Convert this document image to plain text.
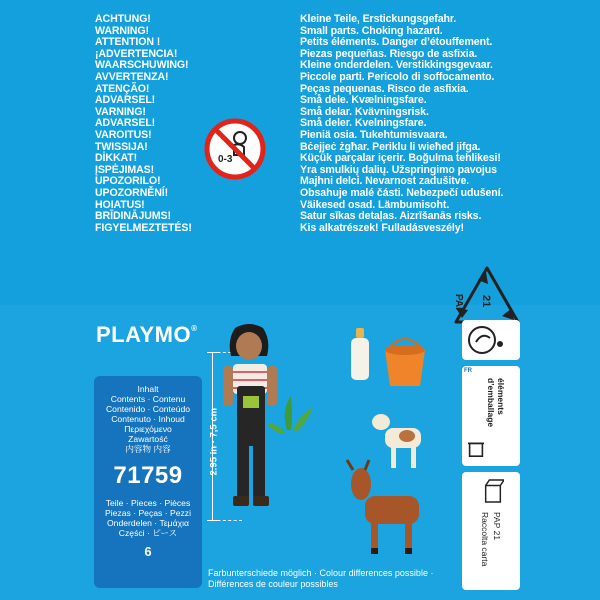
ACHTUNG!
WARNING!
ATTENTION !
¡ADVERTENCIA!
WAARSCHUWING!
AVVERTENZA!
ATENÇÃO!
ADVARSEL!
VARNING!
ADVARSEL!
VAROITUS!
TWISSIJA!
DİKKAT!
ĮSPĖJIMAS!
UPOZORILO!
UPOZORNĚNÍ!
HOIATUS!
BRĪDINĀJUMS!
FIGYELMEZTETÉS!
Kleine Teile, Erstickungsgefahr.
Small parts. Choking hazard.
Petits éléments. Danger d’étouffement.
Piezas pequeñas. Riesgo de asfixia.
Kleine onderdelen. Verstikkingsgevaar.
Piccole parti. Pericolo di soffocamento.
Peças pequenas. Risco de asfixia.
Små dele. Kvælningsfare.
Små delar. Kvävningsrisk.
Små deler. Kvelningsfare.
Pieniä osia. Tukehtumisvaara.
Bċejjeċ żgħar. Periklu li wieħed jifga.
Küçük parçalar içerir. Boğulma tehlikesi!
Yra smulkių dalių. Užspringimo pavojus
Majhni delci. Nevarnost zadušitve.
Obsahuje malé části. Nebezpečí udušení.
Väikesed osad. Lämbumisoht.
Satur sīkas detaļas. Aizrīšanās risks.
Kis alkatrészek! Fulladásveszély!
0-3
21
PAP
PLAYMO®
Inhalt
Contents · Contenu
Contenido · Conteúdo
Contenuto · Inhoud
Περιεχόμενο
Zawartość
内容物 内容
71759
Teile · Pieces · Pièces
Piezas · Peças · Pezzi
Onderdelen · Τεμάχια
Części · ピース
6
2.95 in · 7,5 cm
FR
éléments
d’emballage
PAP 21
Raccolta carta
Farbunterschiede möglich · Colour differences possible ·
Différences de couleur possibles
